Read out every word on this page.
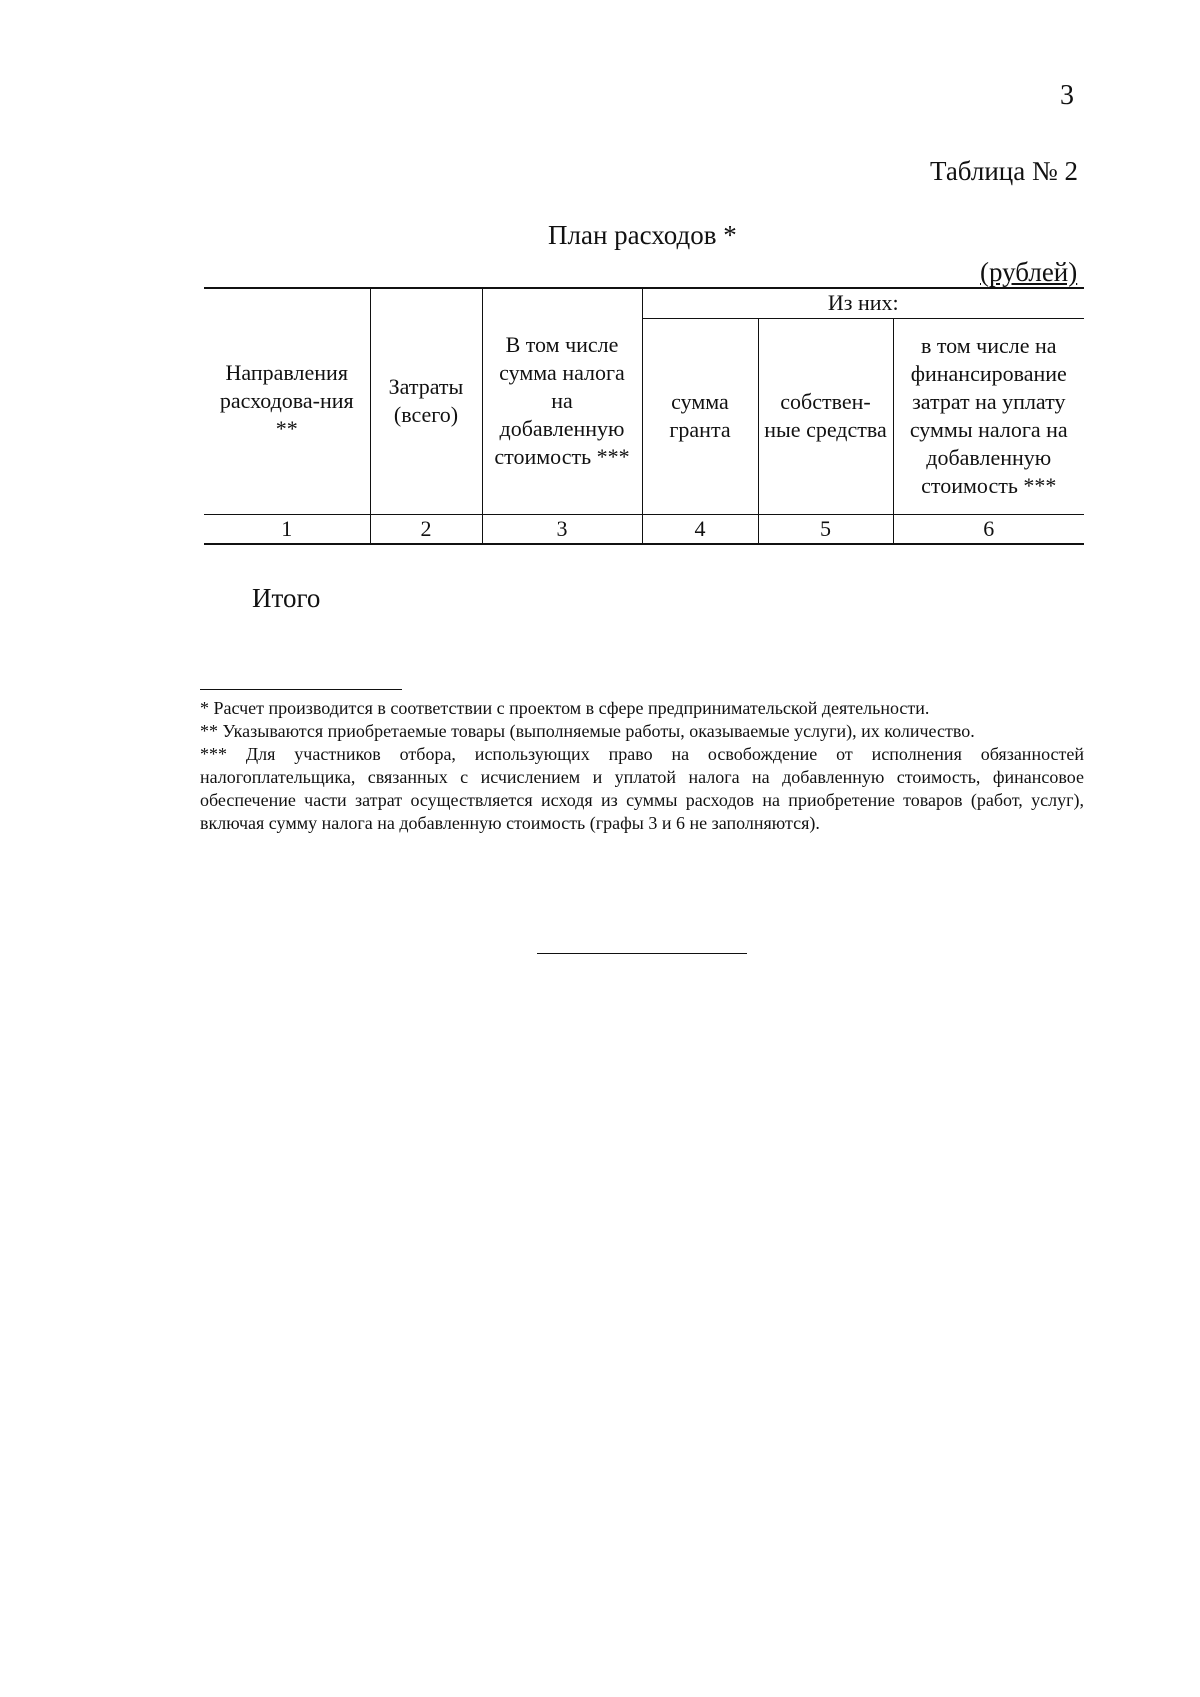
3
Таблица № 2
План расходов *
(рублей)
Направления расходова-ния **	Затраты (всего)	В том числе сумма налога на добавленную стоимость ***	Из них:		
			сумма гранта	собствен-ные средства	в том числе на финансирование затрат на уплату суммы налога на добавленную стоимость ***
1	2	3	4	5	6
Итого
* Расчет производится в соответствии с проектом в сфере предпринимательской деятельности.
** Указываются приобретаемые товары (выполняемые работы, оказываемые услуги), их количество.
*** Для участников отбора, использующих право на освобождение от исполнения обязанностей налогоплательщика, связанных с исчислением и уплатой налога на добавленную стоимость, финансовое обеспечение части затрат осуществляется исходя из суммы расходов на приобретение товаров (работ, услуг), включая сумму налога на добавленную стоимость (графы 3 и 6 не заполняются).
